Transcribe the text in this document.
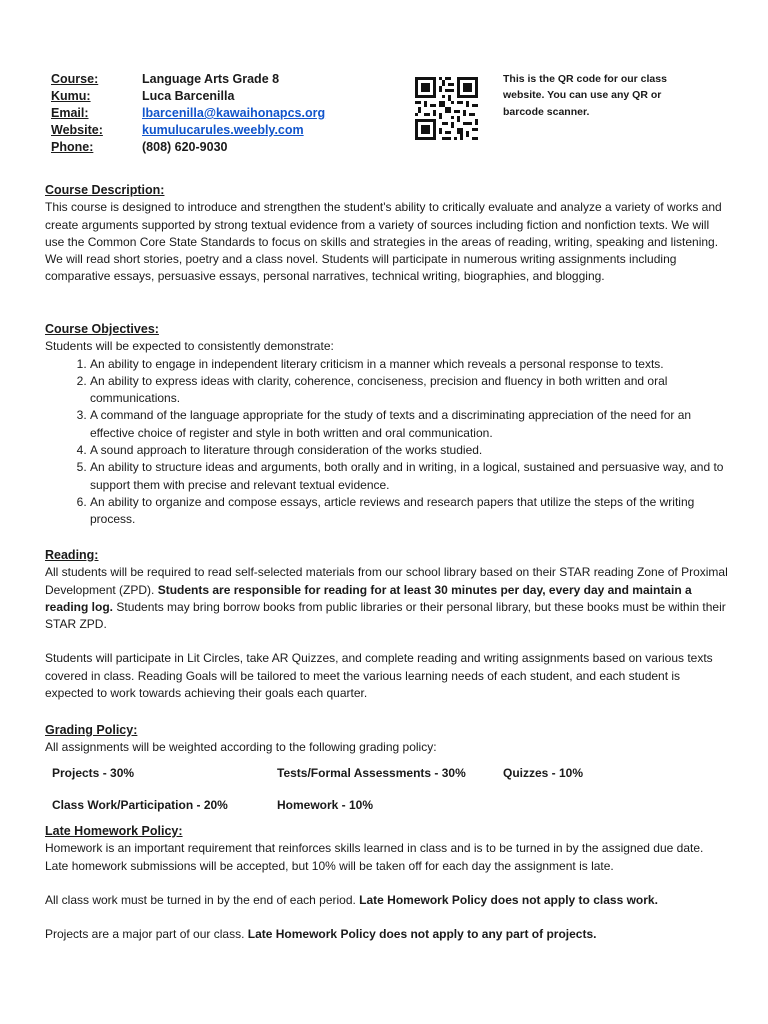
Course:	Language Arts Grade 8
Kumu:	Luca Barcenilla
Email:	lbarcenilla@kawaihonapcs.org
Website:	kumulucarules.weebly.com
Phone:	(808) 620-9030
This is the QR code for our class website. You can use any QR or barcode scanner.
Course Description:

This course is designed to introduce and strengthen the student's ability to critically evaluate and analyze a variety of works and create arguments supported by strong textual evidence from a variety of sources including fiction and nonfiction texts. We will use the Common Core State Standards to focus on skills and strategies in the areas of reading, writing, speaking and listening. We will read short stories, poetry and a class novel. Students will participate in numerous writing assignments including comparative essays, persuasive essays, personal narratives, technical writing, biographies, and blogging.

Course Objectives:

Students will be expected to consistently demonstrate:

1. An ability to engage in independent literary criticism in a manner which reveals a personal response to texts.
2. An ability to express ideas with clarity, coherence, conciseness, precision and fluency in both written and oral communications.
3. A command of the language appropriate for the study of texts and a discriminating appreciation of the need for an effective choice of register and style in both written and oral communication.
4. A sound approach to literature through consideration of the works studied.
5. An ability to structure ideas and arguments, both orally and in writing, in a logical, sustained and persuasive way, and to support them with precise and relevant textual evidence.
6. An ability to organize and compose essays, article reviews and research papers that utilize the steps of the writing process.
Reading:

All students will be required to read self-selected materials from our school library based on their STAR reading Zone of Proximal Development (ZPD). Students are responsible for reading for at least 30 minutes per day, every day and maintain a reading log. Students may bring borrow books from public libraries or their personal library, but these books must be within their STAR ZPD.

Students will participate in Lit Circles, take AR Quizzes, and complete reading and writing assignments based on various texts covered in class. Reading Goals will be tailored to meet the various learning needs of each student, and each student is expected to work towards achieving their goals each quarter.

Grading Policy:

All assignments will be weighted according to the following grading policy:

Projects - 30%	Tests/Formal Assessments - 30%	Quizzes - 10%
Class Work/Participation - 20%	Homework - 10%
Late Homework Policy:

Homework is an important requirement that reinforces skills learned in class and is to be turned in by the assigned due date. Late homework submissions will be accepted, but 10% will be taken off for each day the assignment is late.

All class work must be turned in by the end of each period. Late Homework Policy does not apply to class work.

Projects are a major part of our class. Late Homework Policy does not apply to any part of projects.
